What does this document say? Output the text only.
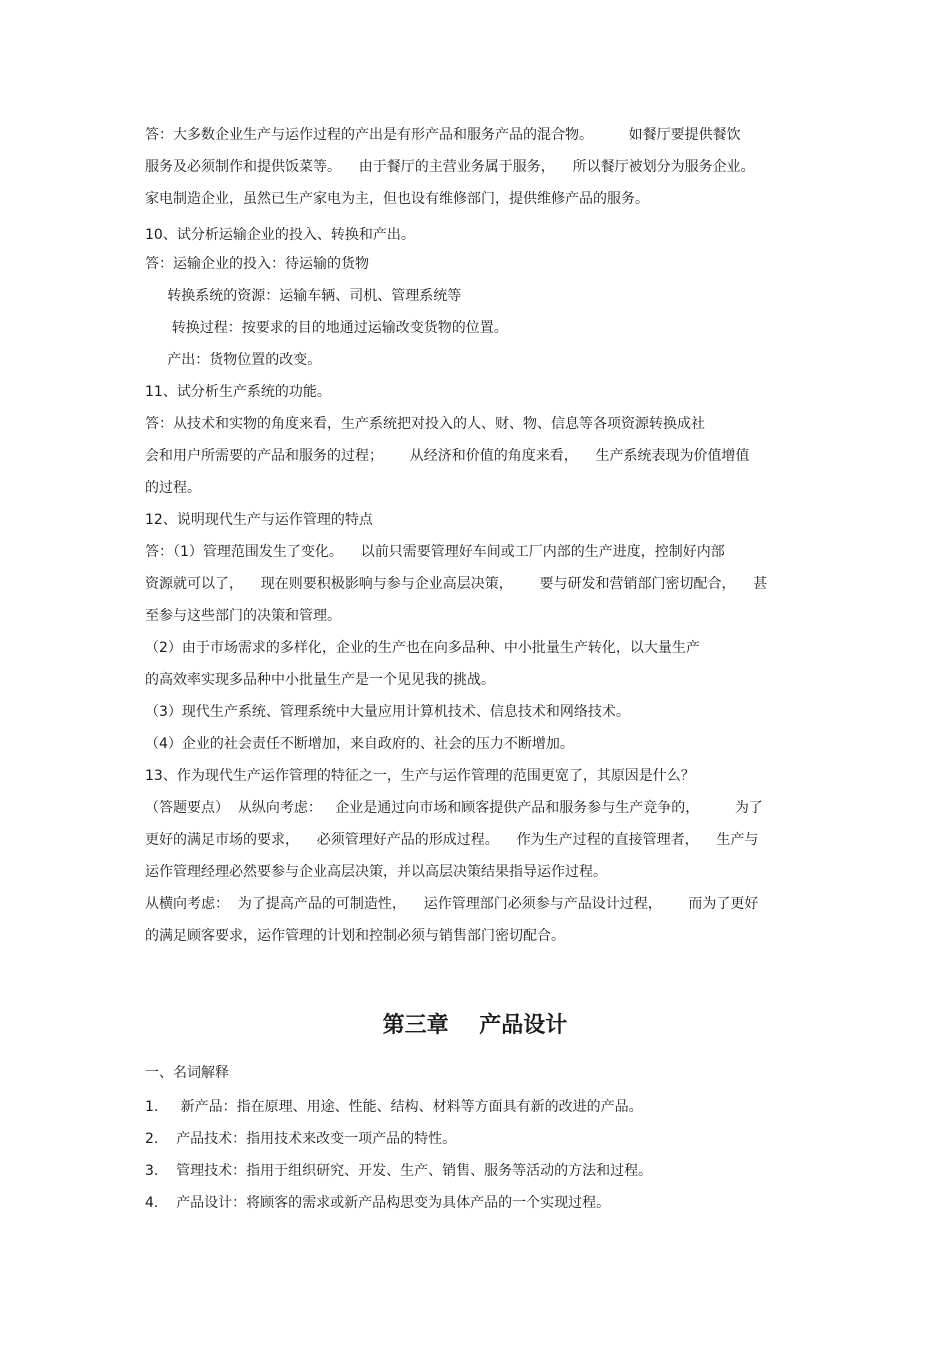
答：大多数企业生产与运作过程的产出是有形产品和服务产品的混合物。        如餐厅要提供餐饮

服务及必须制作和提供饭菜等。    由于餐厅的主营业务属于服务，    所以餐厅被划分为服务企业。

家电制造企业，虽然已生产家电为主，但也设有维修部门，提供维修产品的服务。

10、试分析运输企业的投入、转换和产出。

答：运输企业的投入：待运输的货物

转换系统的资源：运输车辆、司机、管理系统等

转换过程：按要求的目的地通过运输改变货物的位置。

产出：货物位置的改变。

11、试分析生产系统的功能。

答：从技术和实物的角度来看，生产系统把对投入的人、财、物、信息等各项资源转换成社

会和用户所需要的产品和服务的过程；      从经济和价值的角度来看，    生产系统表现为价值增值

的过程。

12、说明现代生产与运作管理的特点

答：（1）管理范围发生了变化。    以前只需要管理好车间或工厂内部的生产进度，控制好内部

资源就可以了，    现在则要积极影响与参与企业高层决策，      要与研发和营销部门密切配合，    甚

至参与这些部门的决策和管理。

（2）由于市场需求的多样化，企业的生产也在向多品种、中小批量生产转化，以大量生产

的高效率实现多品种中小批量生产是一个见见我的挑战。

（3）现代生产系统、管理系统中大量应用计算机技术、信息技术和网络技术。

（4）企业的社会责任不断增加，来自政府的、社会的压力不断增加。

13、作为现代生产运作管理的特征之一，生产与运作管理的范围更宽了，其原因是什么？

（答题要点）  从纵向考虑：   企业是通过向市场和顾客提供产品和服务参与生产竞争的，        为了

更好的满足市场的要求，    必须管理好产品的形成过程。    作为生产过程的直接管理者，    生产与

运作管理经理必然要参与企业高层决策，并以高层决策结果指导运作过程。

从横向考虑：  为了提高产品的可制造性，    运作管理部门必须参与产品设计过程，      而为了更好

的满足顾客要求，运作管理的计划和控制必须与销售部门密切配合。

第三章    产品设计

一、名词解释

1.     新产品：指在原理、用途、性能、结构、材料等方面具有新的改进的产品。

2.    产品技术：指用技术来改变一项产品的特性。

3.    管理技术：指用于组织研究、开发、生产、销售、服务等活动的方法和过程。

4.    产品设计：将顾客的需求或新产品构思变为具体产品的一个实现过程。
